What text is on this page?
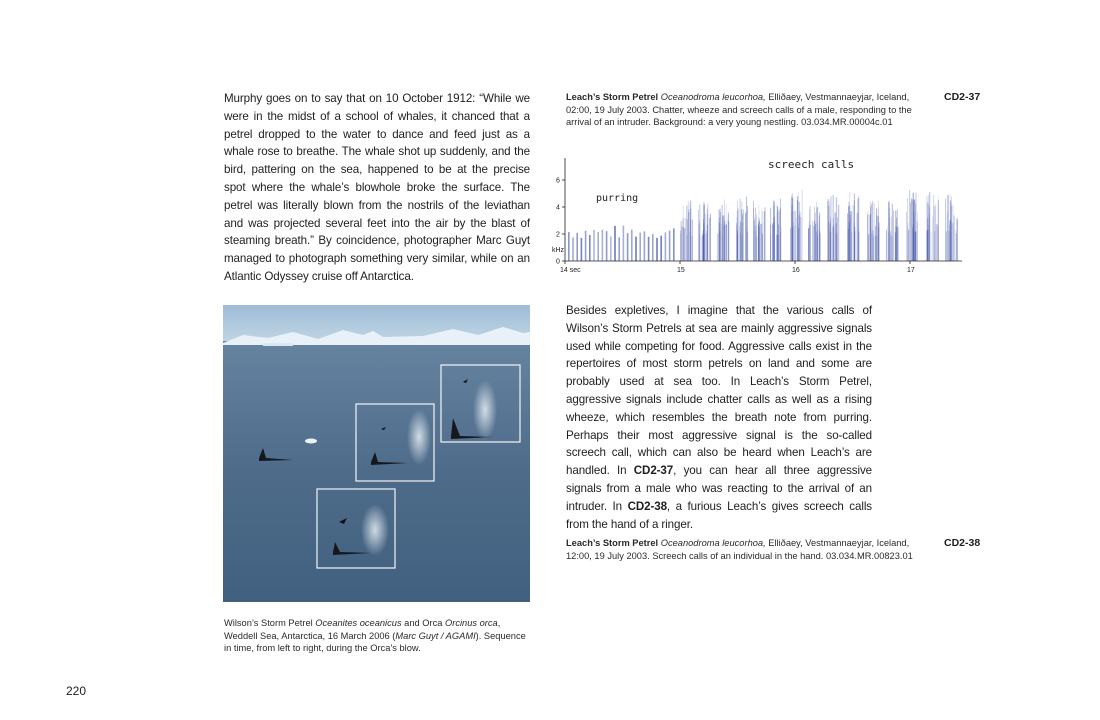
Murphy goes on to say that on 10 October 1912: “While we were in the midst of a school of whales, it chanced that a petrel dropped to the water to dance and feed just as a whale rose to breathe. The whale shot up suddenly, and the bird, pattering on the sea, happened to be at the precise spot where the whale’s blowhole broke the surface. The petrel was literally blown from the nostrils of the leviathan and was projected several feet into the air by the blast of steaming breath.” By coincidence, photographer Marc Guyt managed to photograph something very similar, while on an Atlantic Odyssey cruise off Antarctica.
Leach’s Storm Petrel Oceanodroma leucorhoa, Elliðaey, Vestmannaeyjar, Iceland, 02:00, 19 July 2003. Chatter, wheeze and screech calls of a male, responding to the arrival of an intruder. Background: a very young nestling. 03.034.MR.00004c.01
CD2-37
0
2
4
6
14 sec	15	16	17
screech calls
purring
kHz
Wilson’s Storm Petrel Oceanites oceanicus and Orca Orcinus orca, Weddell Sea, Antarctica, 16 March 2006 (Marc Guyt / AGAMI). Sequence in time, from left to right, during the Orca’s blow.
Besides expletives, I imagine that the various calls of Wilson’s Storm Petrels at sea are mainly aggressive signals used while competing for food. Aggressive calls exist in the repertoires of most storm petrels on land and some are probably used at sea too. In Leach’s Storm Petrel, aggressive signals include chatter calls as well as a rising wheeze, which resembles the breath note from purring. Perhaps their most aggressive signal is the so-called screech call, which can also be heard when Leach’s are handled. In CD2-37, you can hear all three aggressive signals from a male who was reacting to the arrival of an intruder. In CD2-38, a furious Leach’s gives screech calls from the hand of a ringer.
Leach’s Storm Petrel Oceanodroma leucorhoa, Elliðaey, Vestmannaeyjar, Iceland, 12:00, 19 July 2003. Screech calls of an individual in the hand. 03.034.MR.00823.01
CD2-38
220
